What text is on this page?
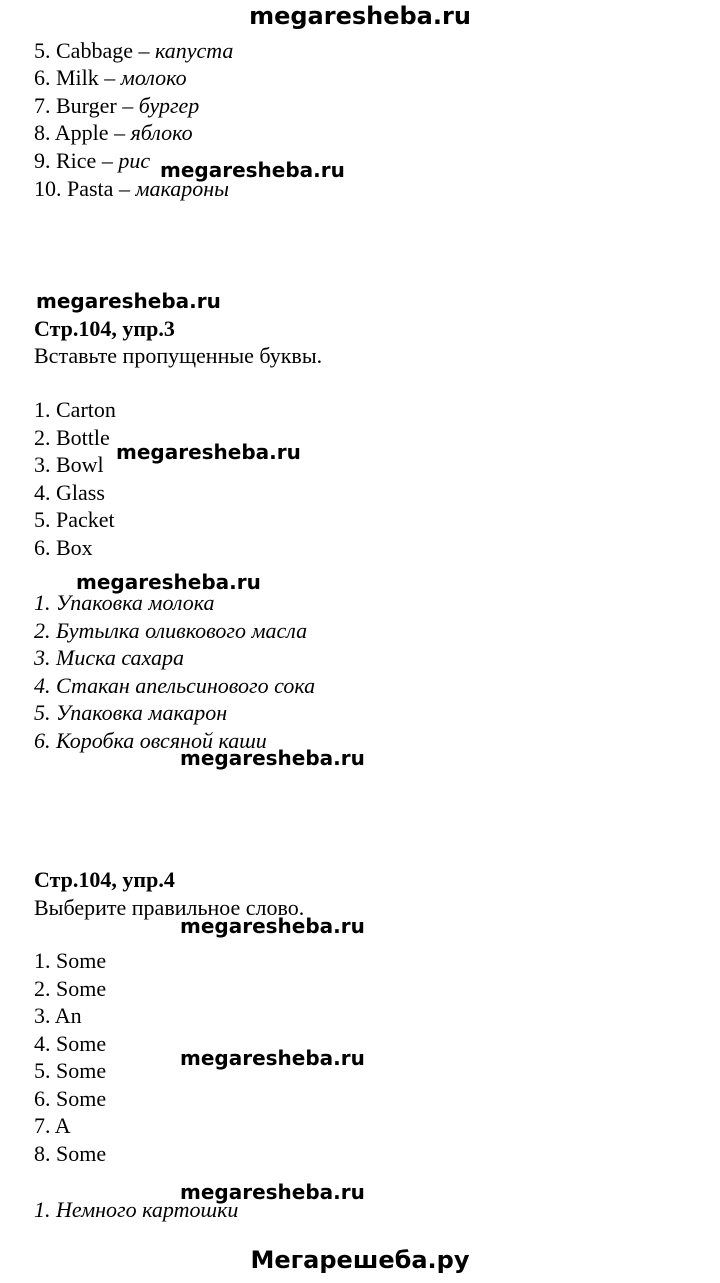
megaresheba.ru
5. Cabbage – капуста
6. Milk – молоко
7. Burger – бургер
8. Apple – яблоко
9. Rice – рис
10. Pasta – макароны
megaresheba.ru
megaresheba.ru
Стр.104, упр.3
Вставьте пропущенные буквы.
1. Carton
2. Bottle
3. Bowl
4. Glass
5. Packet
6. Box
megaresheba.ru
megaresheba.ru
1. Упаковка молока
2. Бутылка оливкового масла
3. Миска сахара
4. Стакан апельсинового сока
5. Упаковка макарон
6. Коробка овсяной каши
megaresheba.ru
Стр.104, упр.4
Выберите правильное слово.
megaresheba.ru
1. Some
2. Some
3. An
4. Some
5. Some
6. Some
7. A
8. Some
megaresheba.ru
megaresheba.ru
1. Немного картошки
Мегарешеба.ру
